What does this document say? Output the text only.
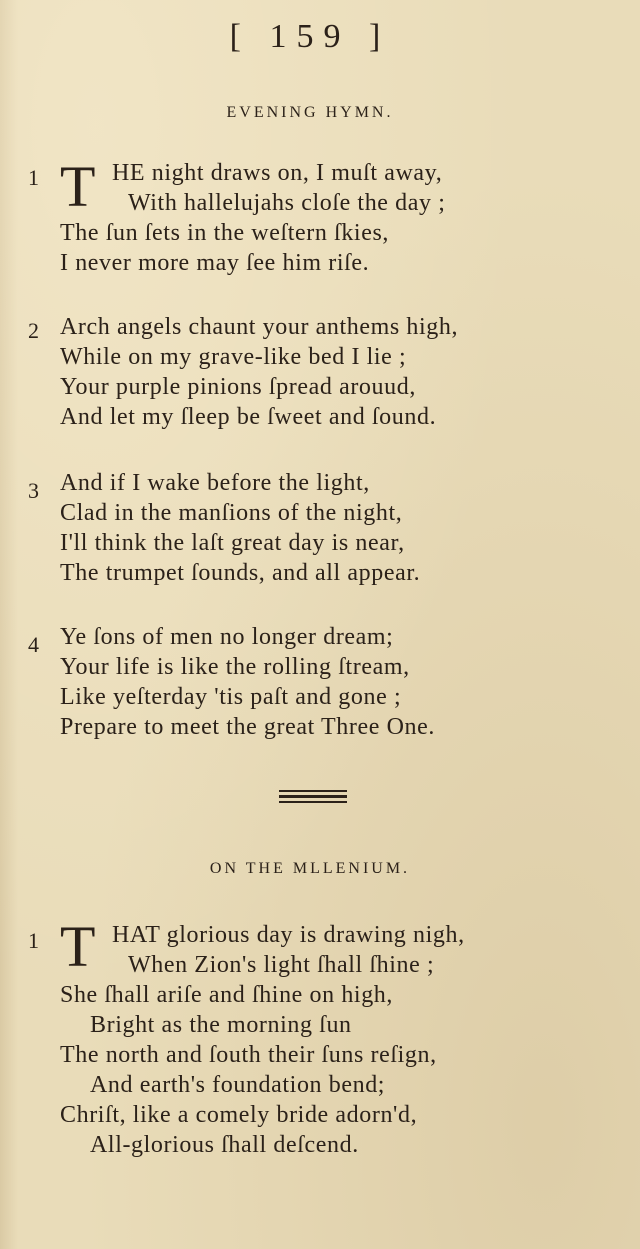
[ 159 ]
EVENING HYMN.
1 T HE night draws on, I muſt away,
With hallelujahs cloſe the day ;
The ſun ſets in the weſtern ſkies,
I never more may ſee him riſe.
2 Arch angels chaunt your anthems high,
While on my grave-like bed I lie ;
Your purple pinions ſpread arouud,
And let my ſleep be ſweet and ſound.
3 And if I wake before the light,
Clad in the manſions of the night,
I'll think the laſt great day is near,
The trumpet ſounds, and all appear.
4 Ye ſons of men no longer dream;
Your life is like the rolling ſtream,
Like yeſterday 'tis paſt and gone ;
Prepare to meet the great Three One.
ON THE MLLENIUM.
1 T HAT glorious day is drawing nigh,
When Zion's light ſhall ſhine ;
She ſhall ariſe and ſhine on high,
Bright as the morning ſun
The north and ſouth their ſuns reſign,
And earth's foundation bend;
Chriſt, like a comely bride adorn'd,
All-glorious ſhall deſcend.
